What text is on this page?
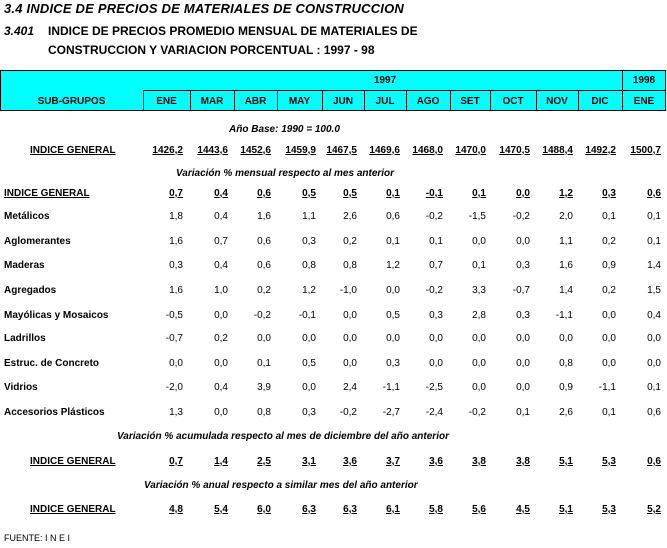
3.4 INDICE DE PRECIOS DE MATERIALES DE CONSTRUCCION
3.401 INDICE DE PRECIOS PROMEDIO MENSUAL DE MATERIALES DE
CONSTRUCCION Y VARIACION PORCENTUAL : 1997 - 98
1997	1998
SUB-GRUPOS	ENE	MAR	ABR	MAY	JUN	JUL	AGO	SET	OCT	NOV	DIC	ENE
Año Base: 1990 = 100.0
INDICE GENERAL	1426,2	1443,6	1452,6	1459,9	1467,5	1469,6	1468,0	1470,0	1470,5	1488,4	1492,2	1500,7
Variación % mensual respecto al mes anterior
INDICE GENERAL	0,7	0,4	0,6	0,5	0,5	0,1	-0,1	0,1	0,0	1,2	0,3	0,6
Metálicos	1,8	0,4	1,6	1,1	2,6	0,6	-0,2	-1,5	-0,2	2,0	0,1	0,1
Aglomerantes	1,6	0,7	0,6	0,3	0,2	0,1	0,1	0,0	0,0	1,1	0,2	0,1
Maderas	0,3	0,4	0,6	0,8	0,8	1,2	0,7	0,1	0,3	1,6	0,9	1,4
Agregados	1,6	1,0	0,2	1,2	-1,0	0,0	-0,2	3,3	-0,7	1,4	0,2	1,5
Mayólicas y Mosaicos	-0,5	0,0	-0,2	-0,1	0,0	0,5	0,3	2,8	0,3	-1,1	0,0	0,4
Ladrillos	-0,7	0,2	0,0	0,0	0,0	0,0	0,0	0,0	0,0	0,0	0,0	0,0
Estruc. de Concreto	0,0	0,0	0,1	0,5	0,0	0,3	0,0	0,0	0,0	0,8	0,0	0,0
Vidrios	-2,0	0,4	3,9	0,0	2,4	-1,1	-2,5	0,0	0,0	0,9	-1,1	0,1
Accesorios Plásticos	1,3	0,0	0,8	0,3	-0,2	-2,7	-2,4	-0,2	0,1	2,6	0,1	0,6
Variación % acumulada respecto al mes de diciembre del año anterior
INDICE GENERAL	0,7	1,4	2,5	3,1	3,6	3,7	3,6	3,8	3,8	5,1	5,3	0,6
Variación % anual respecto a similar mes del año anterior
INDICE GENERAL	4,8	5,4	6,0	6,3	6,3	6,1	5,8	5,6	4,5	5,1	5,3	5,2
FUENTE: I N E I
